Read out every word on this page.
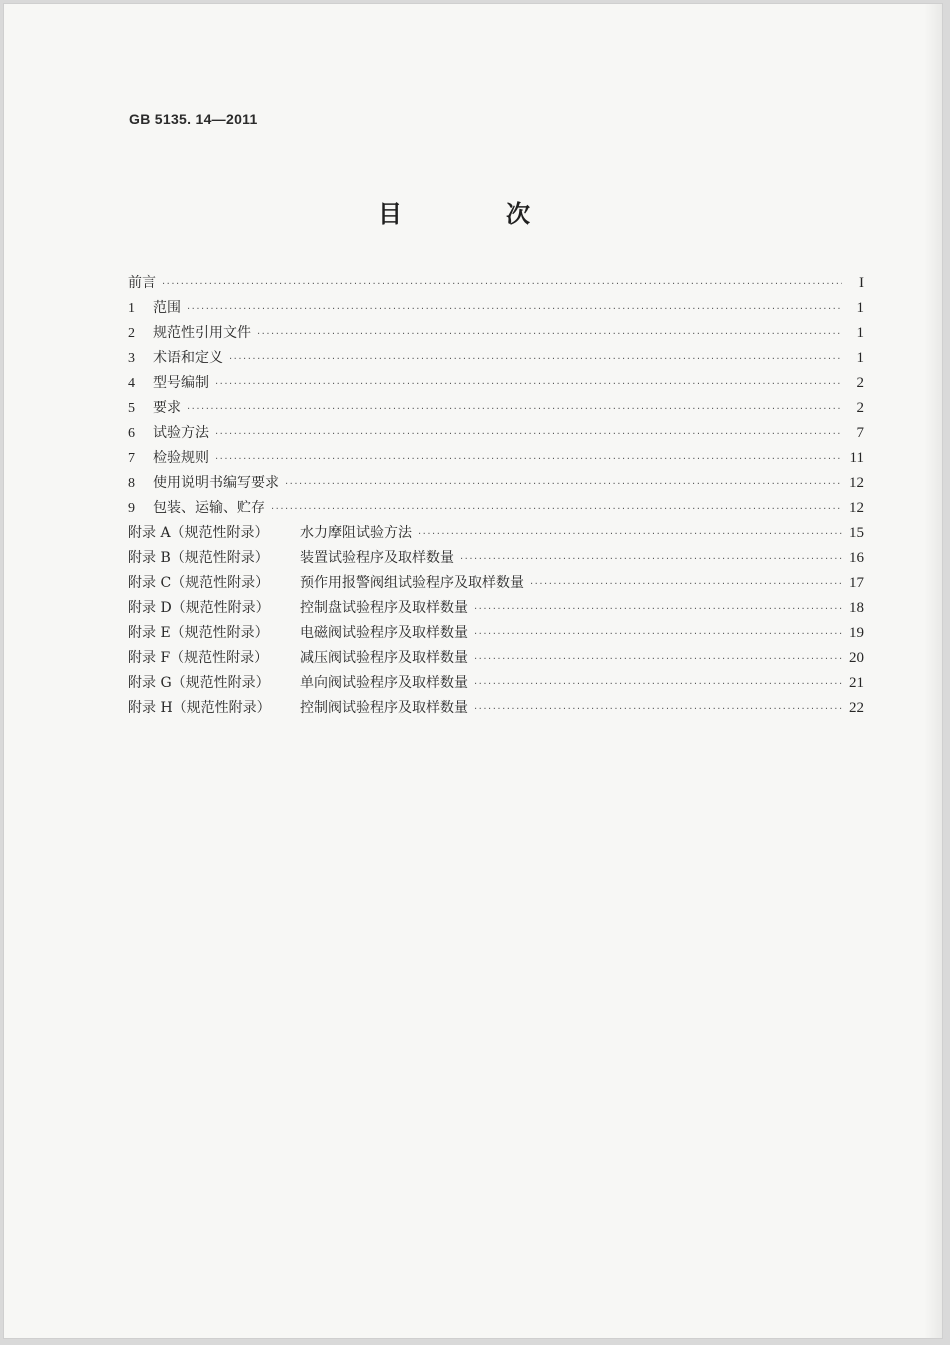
GB 5135. 14—2011
目　次
前言 ·····	I
1 范围 ·····	1
2 规范性引用文件 ·····	1
3 术语和定义 ·····	1
4 型号编制 ·····	2
5 要求 ·····	2
6 试验方法 ·····	7
7 检验规则 ·····	11
8 使用说明书编写要求 ·····	12
9 包装、运输、贮存 ·····	12
附录 A（规范性附录）	水力摩阻试验方法 ·····	15
附录 B（规范性附录）	装置试验程序及取样数量 ·····	16
附录 C（规范性附录）	预作用报警阀组试验程序及取样数量 ·····	17
附录 D（规范性附录）	控制盘试验程序及取样数量 ·····	18
附录 E（规范性附录）	电磁阀试验程序及取样数量 ·····	19
附录 F（规范性附录）	减压阀试验程序及取样数量 ·····	20
附录 G（规范性附录）	单向阀试验程序及取样数量 ·····	21
附录 H（规范性附录）	控制阀试验程序及取样数量 ·····	22
